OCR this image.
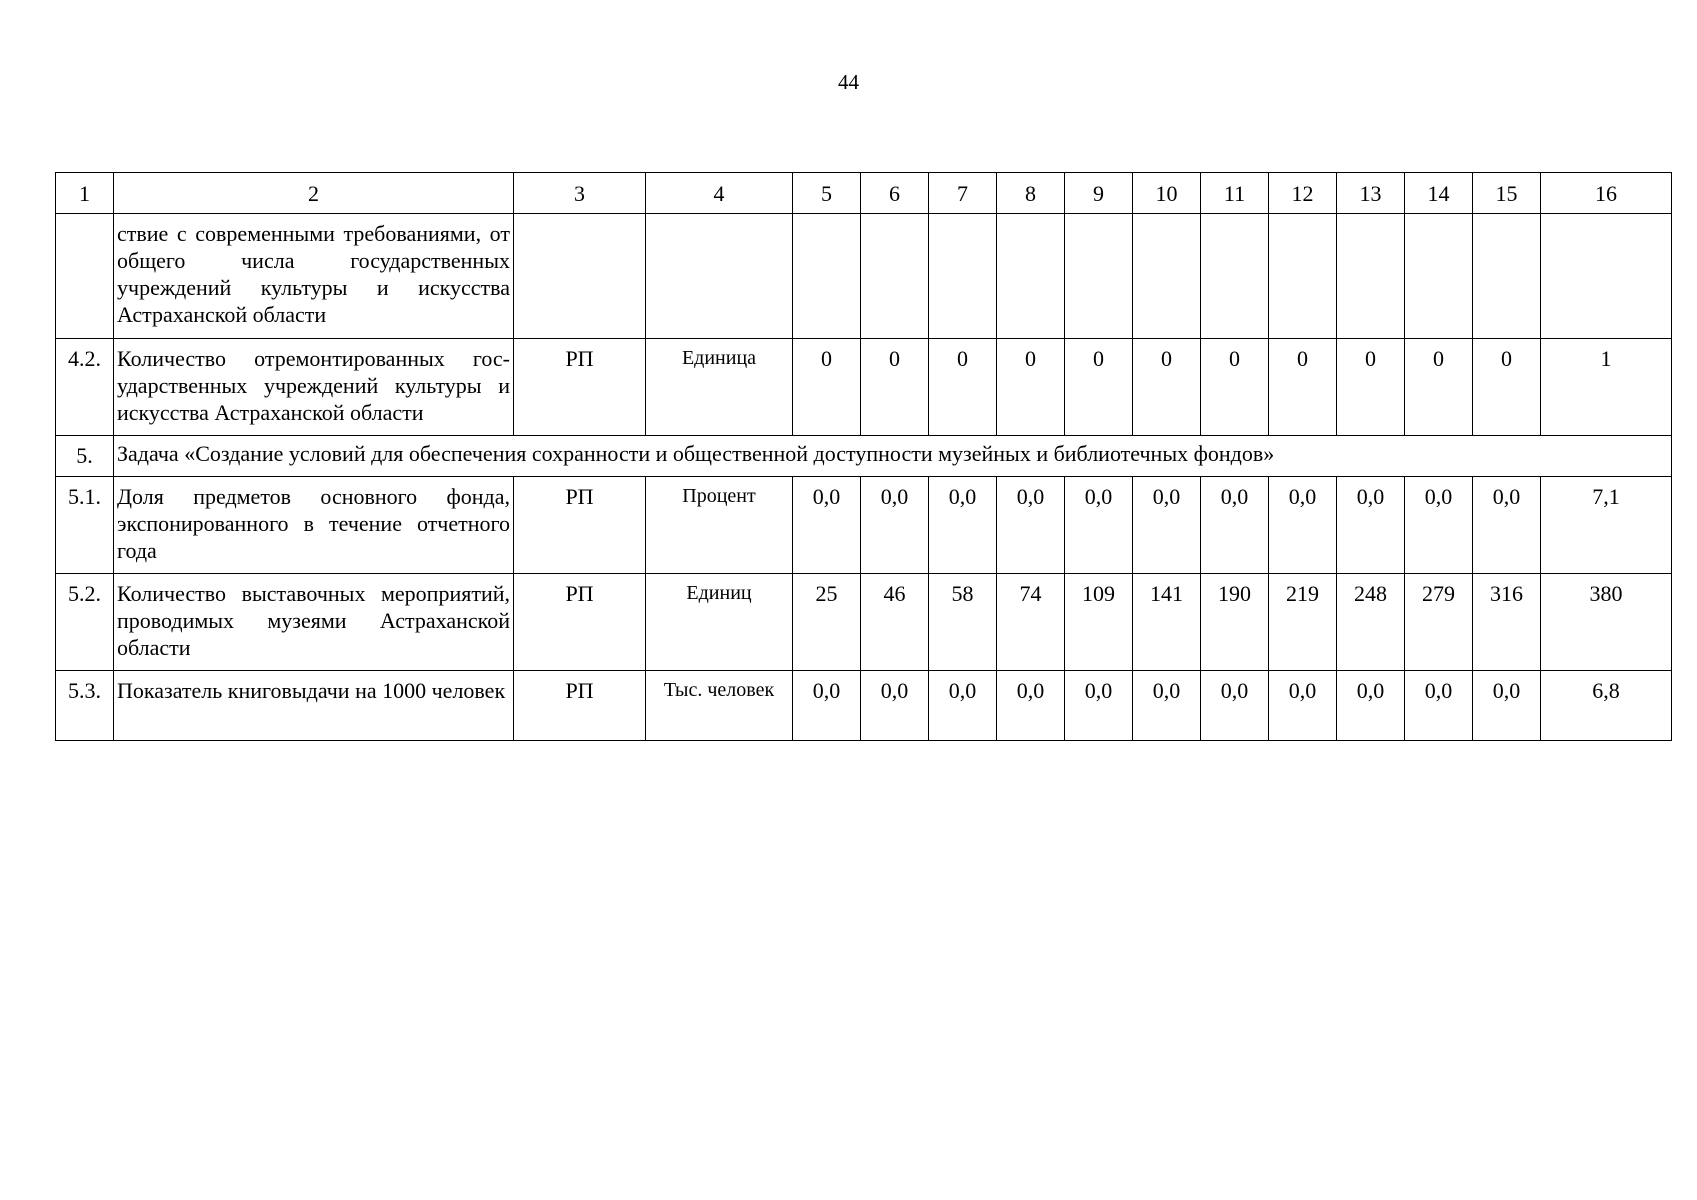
44
1	2	3	4	5	6	7	8	9	10	11	12	13	14	15	16
	ствие с современными требованиями, от общего числа государственных учреждений культуры и искусства Астраханской области														
4.2.	Количество отремонтированных государственных учреждений культуры и искусства Астраханской области	РП	Единица	0	0	0	0	0	0	0	0	0	0	0	1
5.	Задача «Создание условий для обеспечения сохранности и общественной доступности музейных и библиотечных фондов»														
5.1.	Доля предметов основного фонда, экспонированного в течение отчетного года	РП	Процент	0,0	0,0	0,0	0,0	0,0	0,0	0,0	0,0	0,0	0,0	0,0	7,1
5.2.	Количество выставочных мероприятий, проводимых музеями Астраханской области	РП	Единиц	25	46	58	74	109	141	190	219	248	279	316	380
5.3.	Показатель книговыдачи на 1000 человек	РП	Тыс. человек	0,0	0,0	0,0	0,0	0,0	0,0	0,0	0,0	0,0	0,0	0,0	6,8
